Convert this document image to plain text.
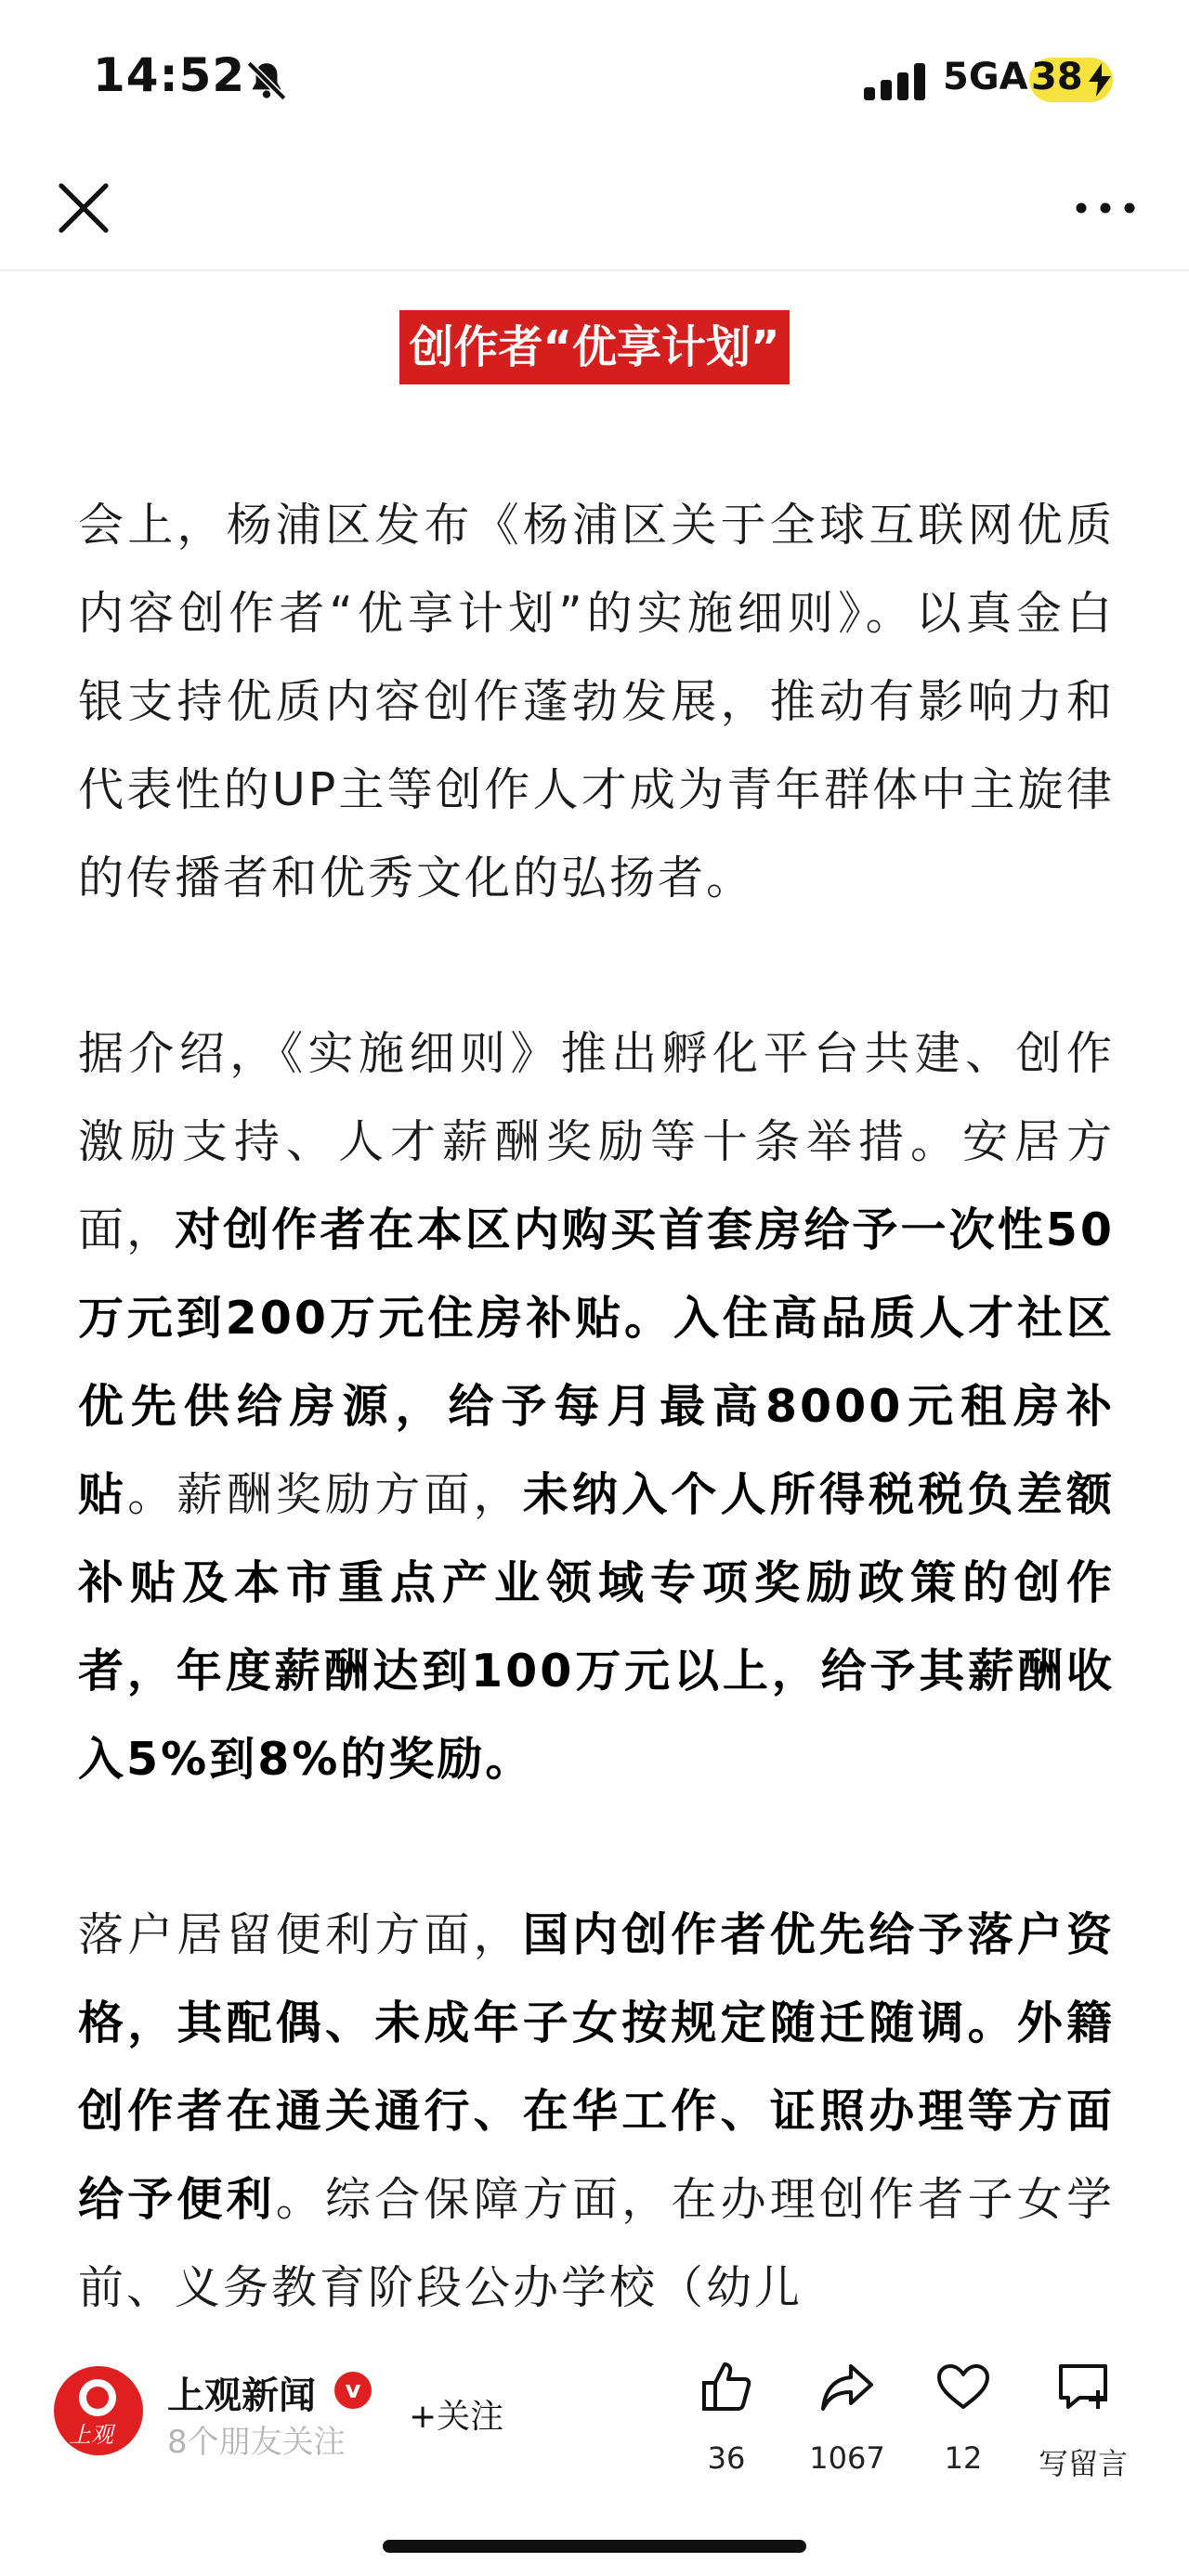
14:52	5GA 38
创作者“优享计划”

会上，杨浦区发布《杨浦区关于全球互联网优质内容创作者“优享计划”的实施细则》。以真金白银支持优质内容创作蓬勃发展，推动有影响力和代表性的UP主等创作人才成为青年群体中主旋律的传播者和优秀文化的弘扬者。

据介绍，《实施细则》推出孵化平台共建、创作激励支持、人才薪酬奖励等十条举措。安居方面，对创作者在本区内购买首套房给予一次性50万元到200万元住房补贴。入住高品质人才社区优先供给房源，给予每月最高8000元租房补贴。薪酬奖励方面，未纳入个人所得税税负差额补贴及本市重点产业领域专项奖励政策的创作者，年度薪酬达到100万元以上，给予其薪酬收入5%到8%的奖励。

落户居留便利方面，国内创作者优先给予落户资格，其配偶、未成年子女按规定随迁随调。外籍创作者在通关通行、在华工作、证照办理等方面给予便利。综合保障方面，在办理创作者子女学前、义务教育阶段公办学校（幼儿

上观
上观新闻	v
8个朋友关注
+关注
36	1067	12	写留言
